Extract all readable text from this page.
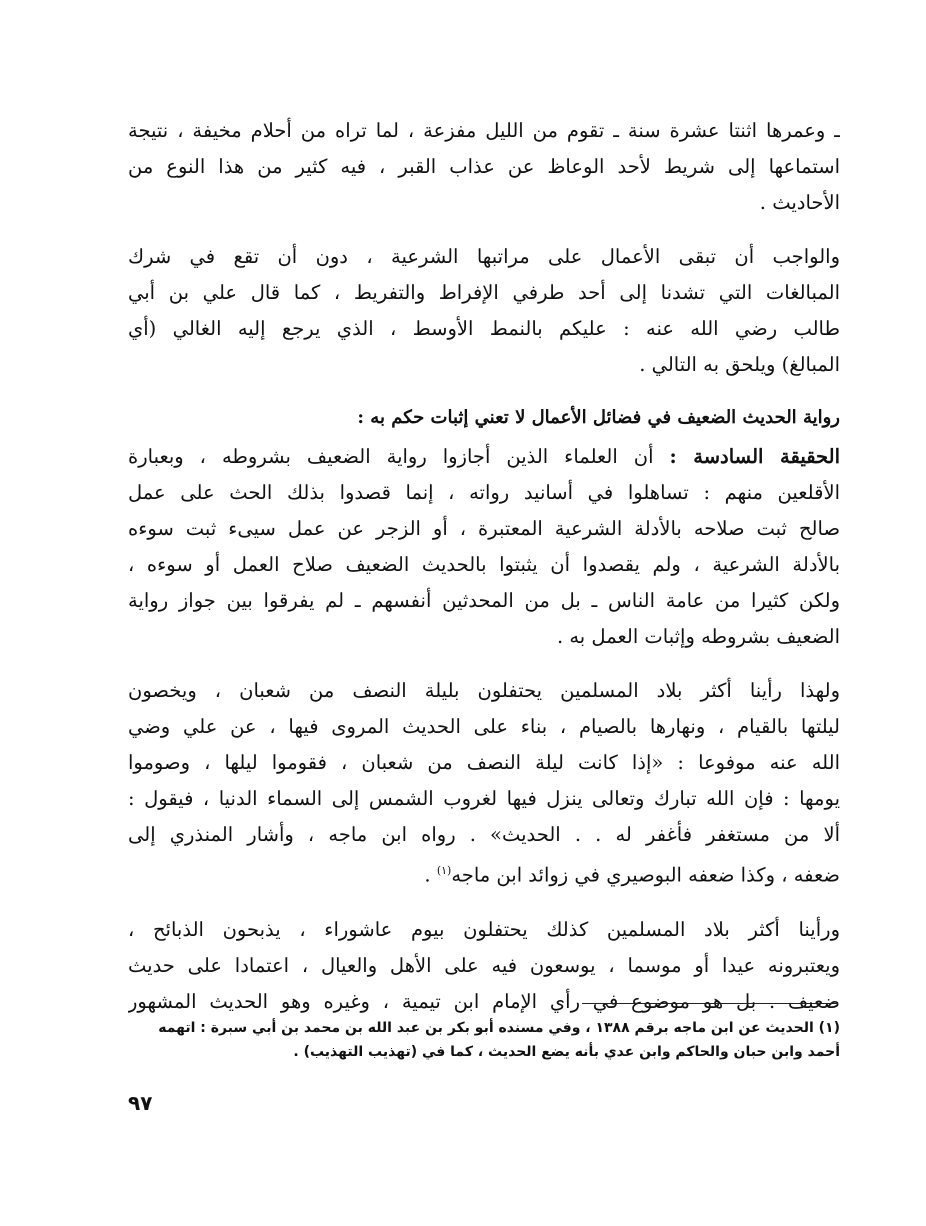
ـ وعمرها اثنتا عشرة سنة ـ تقوم من الليل مفزعة ، لما تراه من أحلام مخيفة ، نتيجة
استماعها إلى شريط لأحد الوعاظ عن عذاب القبر ، فيه كثير من هذا النوع من
الأحاديث .

والواجب أن تبقى الأعمال على مراتبها الشرعية ، دون أن تقع في شرك
المبالغات التي تشدنا إلى أحد طرفي الإفراط والتفريط ، كما قال علي بن أبي
طالب رضي الله عنه : عليكم بالنمط الأوسط ، الذي يرجع إليه الغالي (أي
المبالغ) ويلحق به التالي .

رواية الحديث الضعيف في فضائل الأعمال لا تعني إثبات حكم به :

الحقيقة السادسة : أن العلماء الذين أجازوا رواية الضعيف بشروطه ، وبعبارة
الأقلعين منهم : تساهلوا في أسانيد رواته ، إنما قصدوا بذلك الحث على عمل
صالح ثبت صلاحه بالأدلة الشرعية المعتبرة ، أو الزجر عن عمل سيىء ثبت سوءه
بالأدلة الشرعية ، ولم يقصدوا أن يثبتوا بالحديث الضعيف صلاح العمل أو سوءه ،
ولكن كثيرا من عامة الناس ـ بل من المحدثين أنفسهم ـ لم يفرقوا بين جواز رواية
الضعيف بشروطه وإثبات العمل به .

ولهذا رأينا أكثر بلاد المسلمين يحتفلون بليلة النصف من شعبان ، ويخصون
ليلتها بالقيام ، ونهارها بالصيام ، بناء على الحديث المروى فيها ، عن علي وضي
الله عنه موفوعا : «إذا كانت ليلة النصف من شعبان ، فقوموا ليلها ، وصوموا
يومها : فإن الله تبارك وتعالى ينزل فيها لغروب الشمس إلى السماء الدنيا ، فيقول :
ألا من مستغفر فأغفر له . . الحديث» . رواه ابن ماجه ، وأشار المنذري إلى
ضعفه ، وكذا ضعفه البوصيري في زوائد ابن ماجه$^{(١)}$ .

ورأينا أكثر بلاد المسلمين كذلك يحتفلون بيوم عاشوراء ، يذبحون الذبائح ،
ويعتبرونه عيدا أو موسما ، يوسعون فيه على الأهل والعيال ، اعتمادا على حديث
ضعيف . بل هو موضوع في رأي الإمام ابن تيمية ، وغيره وهو الحديث المشهور

(١) الحديث عن ابن ماجه برقم ١٣٨٨ ، وفي مسنده أبو بكر بن عبد الله بن محمد بن أبي سبرة : اتهمه
أحمد وابن حبان والحاكم وابن عدي بأنه يضع الحديث ، كما في (تهذيب التهذيب) .
٩٧
